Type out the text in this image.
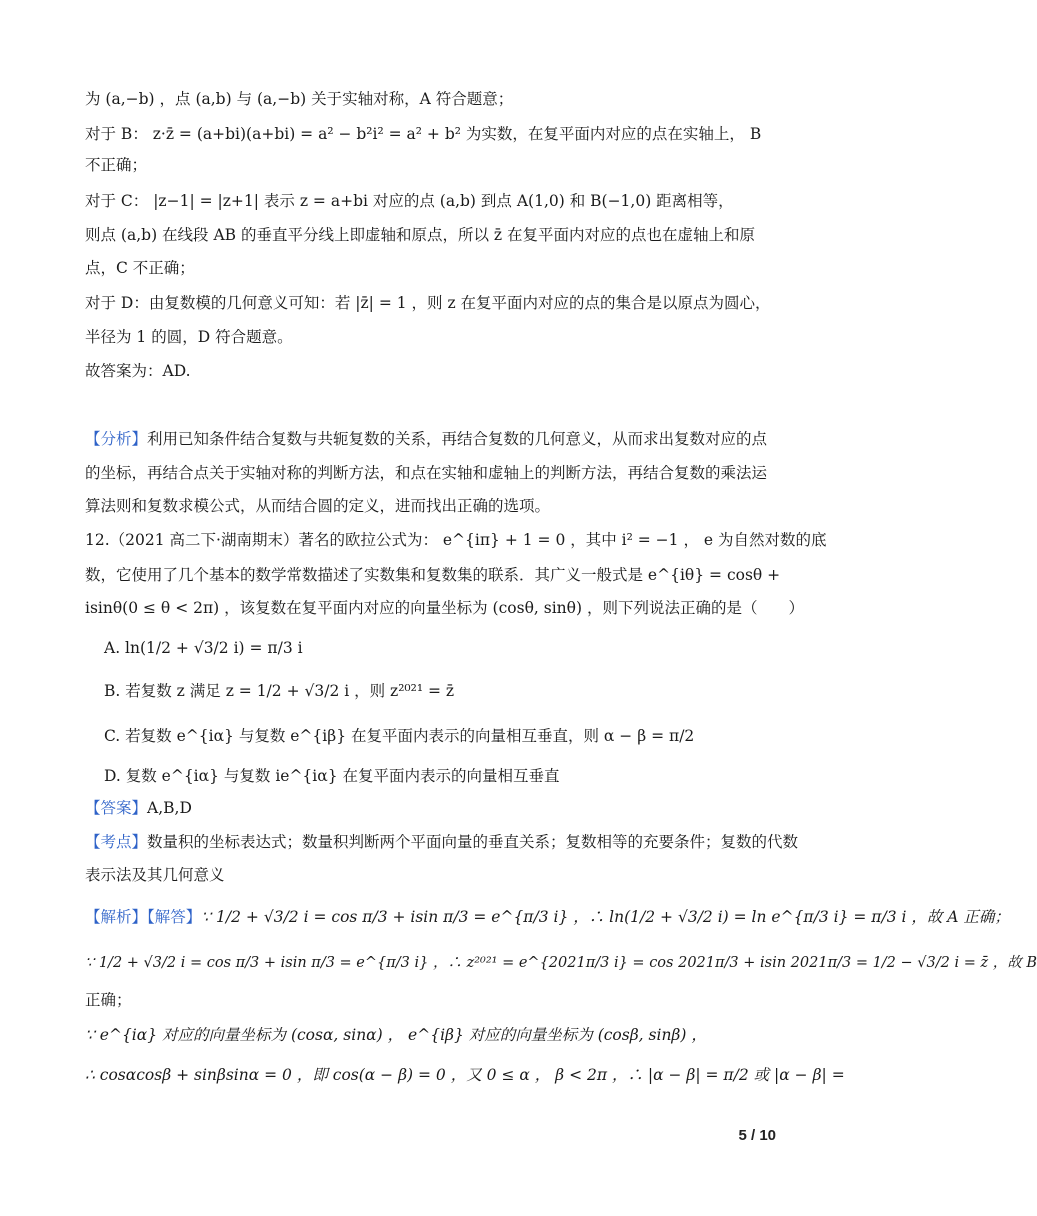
为 (a,−b) ，点 (a,b) 与 (a,−b) 关于实轴对称，A 符合题意；
对于 B： z·z̄ = (a+bi)(a+bi) = a² − b²i² = a² + b² 为实数，在复平面内对应的点在实轴上， B
不正确；
对于 C： |z−1| = |z+1| 表示 z = a+bi 对应的点 (a,b) 到点 A(1,0) 和 B(−1,0) 距离相等，
则点 (a,b) 在线段 AB 的垂直平分线上即虚轴和原点，所以 z̄ 在复平面内对应的点也在虚轴上和原
点，C 不正确；
对于 D：由复数模的几何意义可知：若 |z̄| = 1 ，则 z 在复平面内对应的点的集合是以原点为圆心，
半径为 1 的圆，D 符合题意。
故答案为：AD.
【分析】利用已知条件结合复数与共轭复数的关系，再结合复数的几何意义，从而求出复数对应的点
的坐标，再结合点关于实轴对称的判断方法，和点在实轴和虚轴上的判断方法，再结合复数的乘法运
算法则和复数求模公式，从而结合圆的定义，进而找出正确的选项。
12.（2021 高二下·湖南期末）著名的欧拉公式为： e^{iπ} + 1 = 0 ，其中 i² = −1 ， e 为自然对数的底
数，它使用了几个基本的数学常数描述了实数集和复数集的联系．其广义一般式是 e^{iθ} = cosθ +
isinθ(0 ≤ θ < 2π) ，该复数在复平面内对应的向量坐标为 (cosθ, sinθ) ，则下列说法正确的是（　　）
A. ln(1/2 + √3/2 i) = π/3 i
B. 若复数 z 满足 z = 1/2 + √3/2 i ，则 z²⁰²¹ = z̄
C. 若复数 e^{iα} 与复数 e^{iβ} 在复平面内表示的向量相互垂直，则 α − β = π/2
D. 复数 e^{iα} 与复数 ie^{iα} 在复平面内表示的向量相互垂直
【答案】A,B,D
【考点】数量积的坐标表达式；数量积判断两个平面向量的垂直关系；复数相等的充要条件；复数的代数
表示法及其几何意义
【解析】【解答】∵ 1/2 + √3/2 i = cos π/3 + isin π/3 = e^{π/3 i} ，∴ ln(1/2 + √3/2 i) = ln e^{π/3 i} = π/3 i ，故 A 正确；
∵ 1/2 + √3/2 i = cos π/3 + isin π/3 = e^{π/3 i} ，∴ z²⁰²¹ = e^{2021π/3 i} = cos 2021π/3 + isin 2021π/3 = 1/2 − √3/2 i = z̄ ，故 B
正确；
∵ e^{iα} 对应的向量坐标为 (cosα, sinα) ， e^{iβ} 对应的向量坐标为 (cosβ, sinβ) ，
∴ cosαcosβ + sinβsinα = 0 ，即 cos(α − β) = 0 ，又 0 ≤ α ， β < 2π ，∴ |α − β| = π/2 或 |α − β| =
5 / 10
